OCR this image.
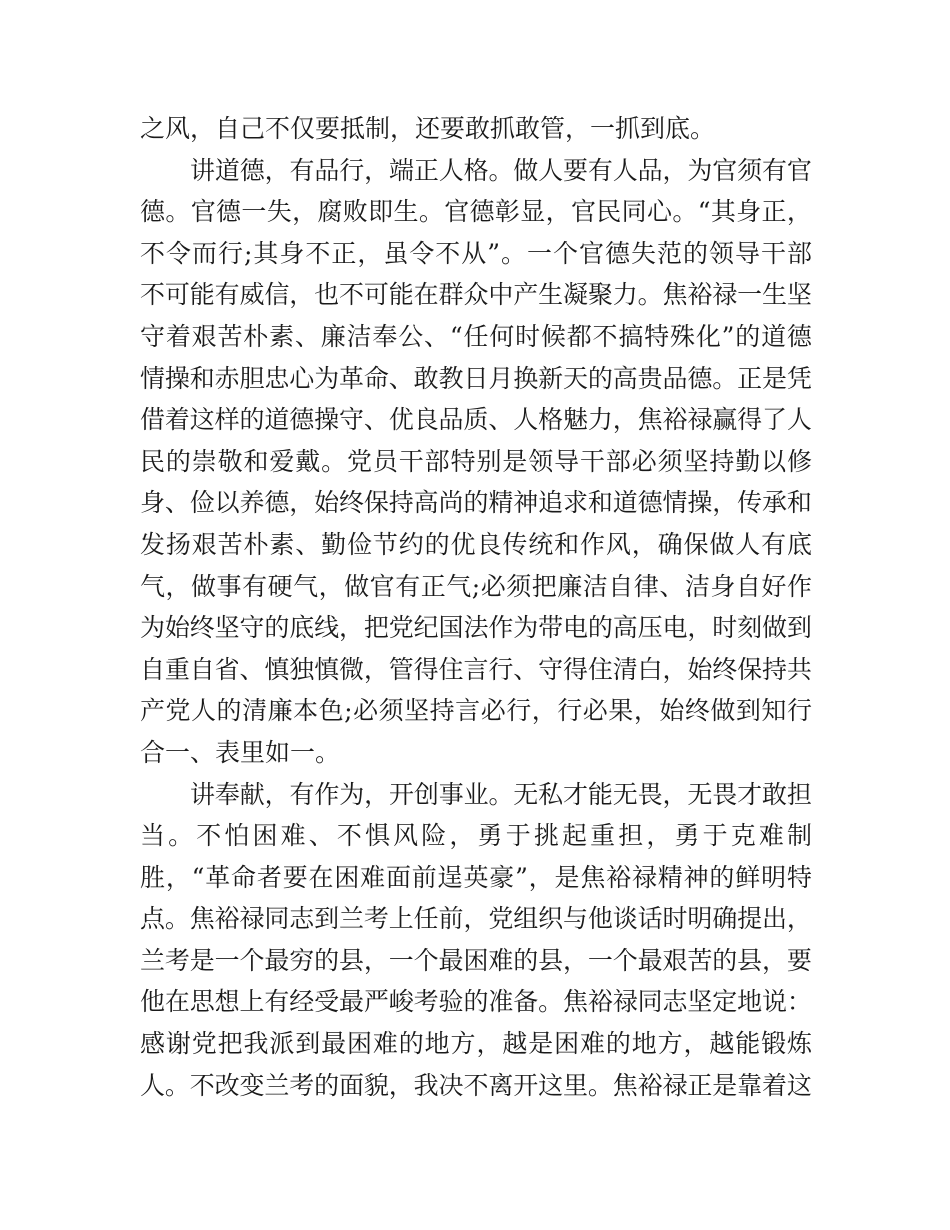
之风，自己不仅要抵制，还要敢抓敢管，一抓到底。
讲道德，有品行，端正人格。做人要有人品，为官须有官
德。官德一失，腐败即生。官德彰显，官民同心。“其身正，
不令而行;其身不正，虽令不从”。一个官德失范的领导干部
不可能有威信，也不可能在群众中产生凝聚力。焦裕禄一生坚
守着艰苦朴素、廉洁奉公、“任何时候都不搞特殊化”的道德
情操和赤胆忠心为革命、敢教日月换新天的高贵品德。正是凭
借着这样的道德操守、优良品质、人格魅力，焦裕禄赢得了人
民的崇敬和爱戴。党员干部特别是领导干部必须坚持勤以修
身、俭以养德，始终保持高尚的精神追求和道德情操，传承和
发扬艰苦朴素、勤俭节约的优良传统和作风，确保做人有底
气，做事有硬气，做官有正气;必须把廉洁自律、洁身自好作
为始终坚守的底线，把党纪国法作为带电的高压电，时刻做到
自重自省、慎独慎微，管得住言行、守得住清白，始终保持共
产党人的清廉本色;必须坚持言必行，行必果，始终做到知行
合一、表里如一。
讲奉献，有作为，开创事业。无私才能无畏，无畏才敢担
当。不怕困难、不惧风险，勇于挑起重担，勇于克难制
胜，“革命者要在困难面前逞英豪”，是焦裕禄精神的鲜明特
点。焦裕禄同志到兰考上任前，党组织与他谈话时明确提出，
兰考是一个最穷的县，一个最困难的县，一个最艰苦的县，要
他在思想上有经受最严峻考验的准备。焦裕禄同志坚定地说：
感谢党把我派到最困难的地方，越是困难的地方，越能锻炼
人。不改变兰考的面貌，我决不离开这里。焦裕禄正是靠着这
